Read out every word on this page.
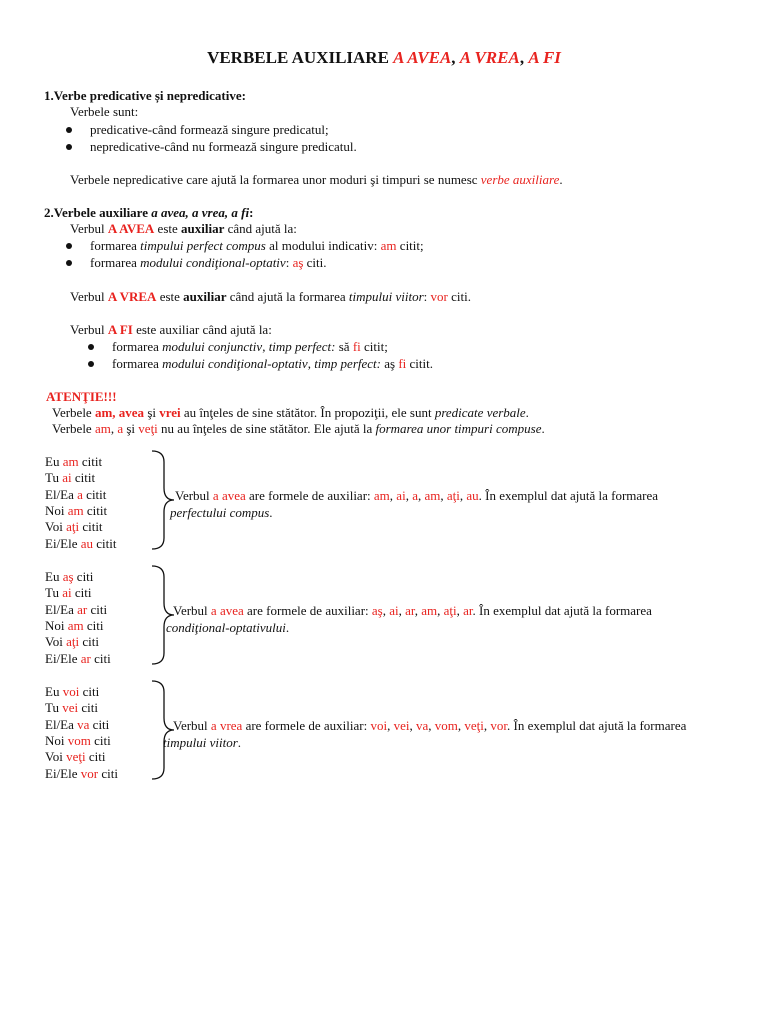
VERBELE AUXILIARE A AVEA, A VREA, A FI
1.Verbe predicative și nepredicative:
Verbele sunt:
predicative-când formează singure predicatul;
nepredicative-când nu formează singure predicatul.
Verbele nepredicative care ajută la formarea unor moduri şi timpuri se numesc verbe auxiliare.
2.Verbele auxiliare a avea, a vrea, a fi:
Verbul A AVEA este auxiliar când ajută la:
formarea timpului perfect compus al modului indicativ: am citit;
formarea modului condiţional-optativ: aş citi.
Verbul A VREA este auxiliar când ajută la formarea timpului viitor: vor citi.
Verbul A FI este auxiliar când ajută la:
formarea modului conjunctiv, timp perfect: să fi citit;
formarea modului condiţional-optativ, timp perfect: aş fi citit.
ATENŢIE!!!
Verbele am, avea şi vrei au înţeles de sine stătător. În propoziţii, ele sunt predicate verbale.
Verbele am, a şi veţi nu au înţeles de sine stătător. Ele ajută la formarea unor timpuri compuse.
Eu am citit
Tu ai citit
El/Ea a citit
Noi am citit
Voi aţi citit
Ei/Ele au citit
Verbul a avea are formele de auxiliar: am, ai, a, am, aţi, au. În exemplul dat ajută la formarea
perfectului compus.
Eu aş citi
Tu ai citi
El/Ea ar citi
Noi am citi
Voi aţi citi
Ei/Ele ar citi
Verbul a avea are formele de auxiliar: aş, ai, ar, am, aţi, ar. În exemplul dat ajută la formarea
condiţional-optativului.
Eu voi citi
Tu vei citi
El/Ea va citi
Noi vom citi
Voi veţi citi
Ei/Ele vor citi
Verbul a vrea are formele de auxiliar: voi, vei, va, vom, veţi, vor. În exemplul dat ajută la formarea
timpului viitor.
